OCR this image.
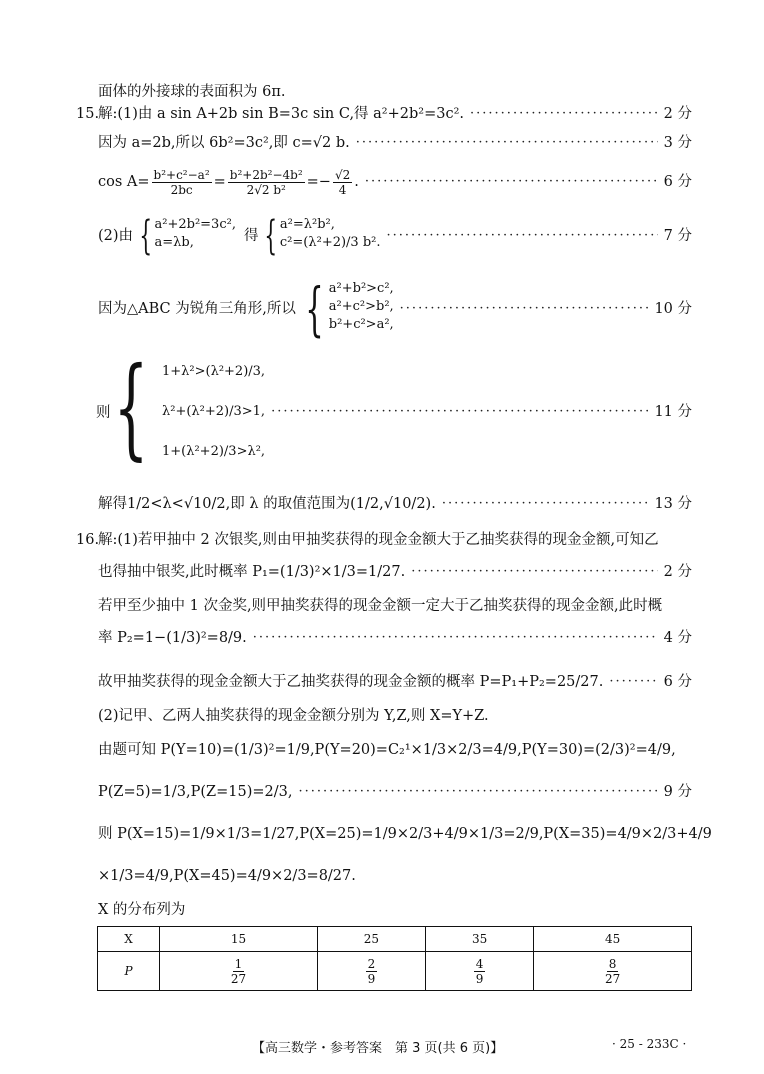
面体的外接球的表面积为 6π.
15.
解:(1)由 a sin A+2b sin B=3c sin C,得 a²+2b²=3c². ·····	2 分
因为 a=2b,所以 6b²=3c²,即 c=√2 b. ·····	3 分
$\cos A= \frac{\text{b²+c²−a²}}{2bc} = \frac{\text{b²+2b²−4b²}}{\text{2√2 b²}} =- \frac{√2}{4}$ . ·····	6 分
(2)由 { a²+2b²=3c²,
a=λb,	得 { a²=λ²b²,
c²=(λ²+2)/3 b². ·····	7 分
因为△ABC 为锐角三角形,所以 { a²+b²>c²,
a²+c²>b²,
b²+c²>a²,
·····
10 分
{ 1+λ²>(λ²+2)/3,
λ²+(λ²+2)/3>1,
1+(λ²+2)/3>λ²,
·····
11 分
则
解得1/2<λ<√10/2,即 λ 的取值范围为(1/2,√10/2). ·····	13 分
16.
解:(1)若甲抽中 2 次银奖,则由甲抽奖获得的现金金额大于乙抽奖获得的现金金额,可知乙
也得抽中银奖,此时概率 P₁=(1/3)²×1/3=1/27. ·····	2 分
若甲至少抽中 1 次金奖,则甲抽奖获得的现金金额一定大于乙抽奖获得的现金金额,此时概
率 P₂=1−(1/3)²=8/9. ·····	4 分
故甲抽奖获得的现金金额大于乙抽奖获得的现金金额的概率 P=P₁+P₂=25/27. ·····	6 分
(2)记甲、乙两人抽奖获得的现金金额分别为 Y,Z,则 X=Y+Z.
由题可知 P(Y=10)=(1/3)²=1/9,P(Y=20)=C₂¹×1/3×2/3=4/9,P(Y=30)=(2/3)²=4/9,
P(Z=5)=1/3,P(Z=15)=2/3, ·····	9 分
则 P(X=15)=1/9×1/3=1/27,P(X=25)=1/9×2/3+4/9×1/3=2/9,P(X=35)=4/9×2/3+4/9
×1/3=4/9,P(X=45)=4/9×2/3=8/27.
X 的分布列为
X	15	25	35	45
P	$\frac{1}{27}$	$\frac{2}{9}$	$\frac{4}{9}$	$\frac{8}{27}$
【高三数学・参考答案　第 3 页(共 6 页)】	· 25 - 233C ·
